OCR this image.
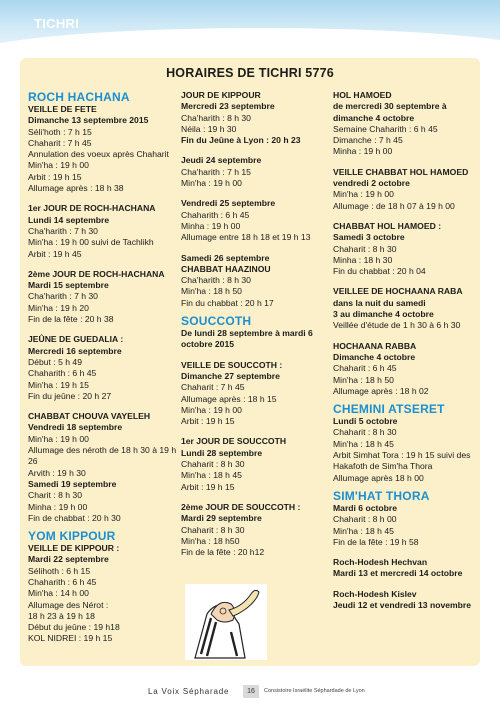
TICHRI
HORAIRES DE TICHRI 5776
ROCH HACHANA
VEILLE DE FETE
Dimanche 13 septembre 2015
Séli'hoth : 7 h 15
Chaharit : 7 h 45
Annulation des voeux après Chaharit
Min'ha : 19 h 00
Arbit : 19 h 15
Allumage après : 18 h 38
1er JOUR DE ROCH-HACHANA
Lundi 14 septembre
Cha'harith : 7 h 30
Min'ha : 19 h 00 suivi de Tachlikh
Arbit : 19 h 45
2ème JOUR DE ROCH-HACHANA
Mardi 15 septembre
Cha'harith : 7 h 30
Min'ha : 19 h 20
Fin de la fête : 20 h 38
JEÛNE DE GUEDALIA :
Mercredi 16 septembre
Début : 5 h 49
Chaharith : 6 h 45
Min'ha : 19 h 15
Fin du jeûne : 20 h 27
CHABBAT CHOUVA VAYELEH
Vendredi 18 septembre
Min'ha : 19 h 00
Allumage des néroth de 18 h 30 à 19 h 26
Arvith : 19 h 30
Samedi 19 septembre
Charit : 8 h 30
Minha : 19 h 00
Fin de chabbat : 20 h 30
YOM KIPPOUR
VEILLE DE KIPPOUR :
Mardi 22 septembre
Sélihoth : 6 h 15
Chaharith : 6 h 45
Min'ha : 14 h 00
Allumage des Nérot :
18 h 23 à 19 h 18
Début du jeûne : 19 h18
KOL NIDREI : 19 h 15
JOUR DE KIPPOUR
Mercredi 23 septembre
Cha'harith : 8 h 30
Néila : 19 h 30
Fin du Jeûne à Lyon : 20 h 23
Jeudi 24 septembre
Cha'harith : 7 h 15
Min'ha : 19 h 00
Vendredi 25 septembre
Chaharith : 6 h 45
Minha : 19 h 00
Allumage entre 18 h 18 et 19 h 13
Samedi 26 septembre
CHABBAT HAAZINOU
Cha'harith : 8 h 30
Min'ha : 18 h 50
Fin du chabbat : 20 h 17
SOUCCOTH
De lundi 28 septembre à mardi 6 octobre 2015
VEILLE DE SOUCCOTH :
Dimanche 27 septembre
Chaharit : 7 h 45
Allumage après : 18 h 15
Min'ha : 19 h 00
Arbit : 19 h 15
1er JOUR DE SOUCCOTH
Lundi 28 septembre
Chaharit : 8 h 30
Min'ha : 18 h 45
Arbit : 19 h 15
2ème JOUR DE SOUCCOTH :
Mardi 29 septembre
Chaharit : 8 h 30
Min'ha : 18 h50
Fin de la fête : 20 h12
HOL HAMOED
de mercredi 30 septembre à dimanche 4 octobre
Semaine Chaharith : 6 h 45
Dimanche : 7 h 45
Minha : 19 h 00
VEILLE CHABBAT HOL HAMOED
vendredi 2 octobre
Min'ha : 19 h 00
Allumage : de 18 h 07 à 19 h 00
CHABBAT HOL HAMOED :
Samedi 3 octobre
Chaharit : 8 h 30
Minha : 18 h 30
Fin du chabbat : 20 h 04
VEILLEE DE HOCHAANA RABA
dans la nuit du samedi
3 au dimanche 4 octobre
Veillée d'étude de 1 h 30 à 6 h 30
HOCHAANA RABBA
Dimanche 4 octobre
Chaharit : 6 h 45
Min'ha : 18 h 50
Allumage après : 18 h 02
CHEMINI ATSERET
Lundi 5 octobre
Chaharit : 8 h 30
Min'ha : 18 h 45
Arbit Simhat Tora : 19 h 15 suivi des Hakafoth de Sim'ha Thora
Allumage après 18 h 00
SIM'HAT THORA
Mardi 6 octobre
Chaharit : 8 h 00
Min'ha : 18 h 45
Fin de la fête : 19 h 58
Roch-Hodesh Hechvan
Mardi 13 et mercredi 14 octobre
Roch-Hodesh Kislev
Jeudi 12 et vendredi 13 novembre
La Voix Sépharade	16	Consistoire Israélite Séphardade de Lyon
